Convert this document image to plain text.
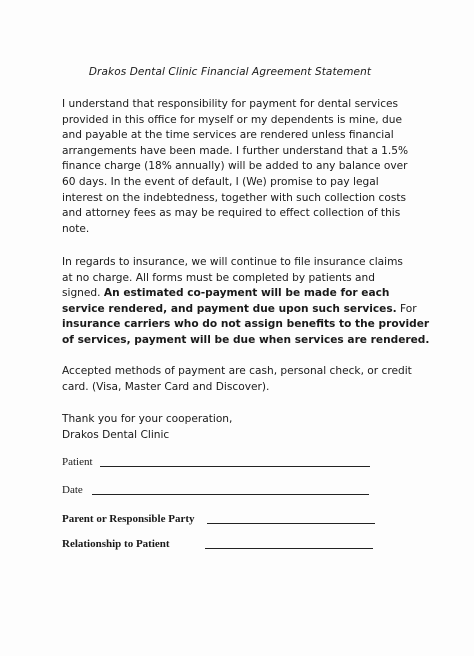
Drakos Dental Clinic Financial Agreement Statement
I understand that responsibility for payment for dental services
provided in this office for myself or my dependents is mine, due
and payable at the time services are rendered unless financial
arrangements have been made. I further understand that a 1.5%
finance charge (18% annually) will be added to any balance over
60 days. In the event of default, I (We) promise to pay legal
interest on the indebtedness, together with such collection costs
and attorney fees as may be required to effect collection of this
note.
In regards to insurance, we will continue to file insurance claims
at no charge. All forms must be completed by patients and
signed. An estimated co-payment will be made for each
service rendered, and payment due upon such services. For
insurance carriers who do not assign benefits to the provider
of services, payment will be due when services are rendered.
Accepted methods of payment are cash, personal check, or credit
card. (Visa, Master Card and Discover).
Thank you for your cooperation,
Drakos Dental Clinic
Patient
Date
Parent or Responsible Party
Relationship to Patient
